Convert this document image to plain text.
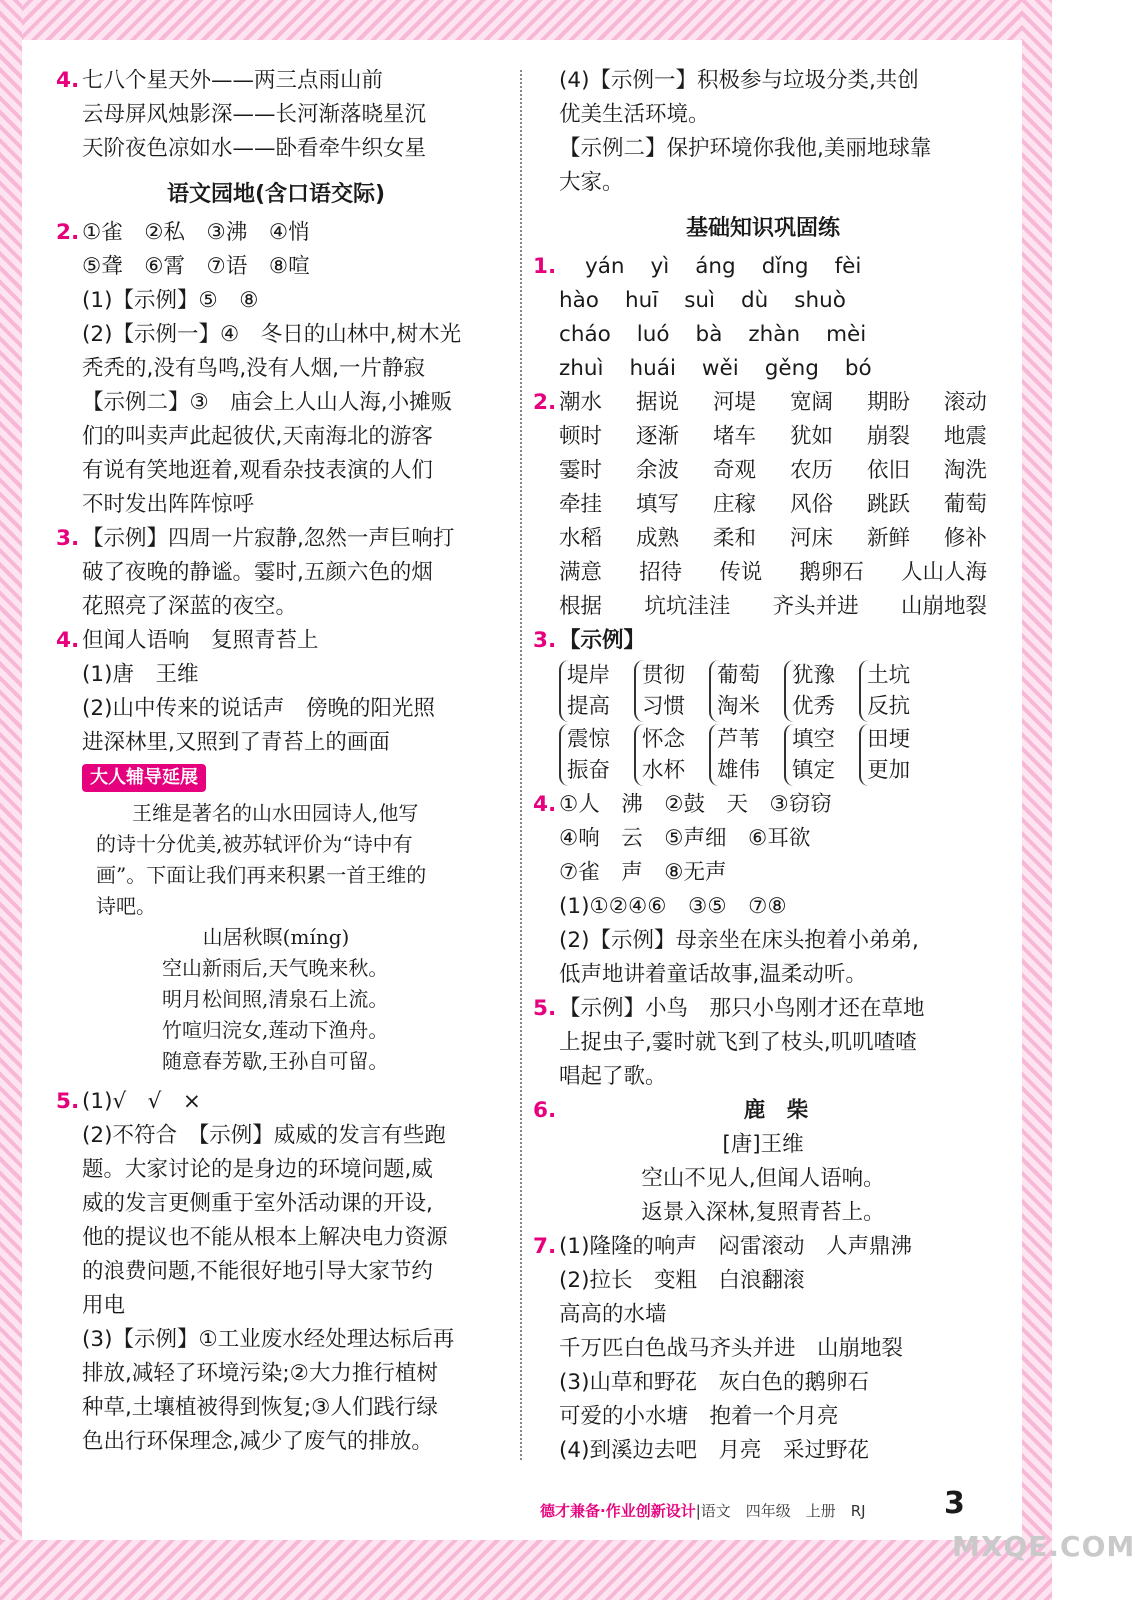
4. 七八个星天外——两三点雨山前
云母屏风烛影深——长河渐落晓星沉
天阶夜色凉如水——卧看牵牛织女星
语文园地(含口语交际)
2. ①雀　②私　③沸　④悄
⑤聋　⑥霄　⑦语　⑧喧
(1)【示例】⑤　⑧
(2)【示例一】④　冬日的山林中,树木光
秃秃的,没有鸟鸣,没有人烟,一片静寂
【示例二】③　庙会上人山人海,小摊贩
们的叫卖声此起彼伏,天南海北的游客
有说有笑地逛着,观看杂技表演的人们
不时发出阵阵惊呼
3. 【示例】四周一片寂静,忽然一声巨响打
破了夜晚的静谧。霎时,五颜六色的烟
花照亮了深蓝的夜空。
4. 但闻人语响　复照青苔上
(1)唐　王维
(2)山中传来的说话声　傍晚的阳光照
进深林里,又照到了青苔上的画面
大人辅导延展
王维是著名的山水田园诗人,他写
的诗十分优美,被苏轼评价为“诗中有
画”。下面让我们再来积累一首王维的
诗吧。
山居秋暝(míng)
空山新雨后,天气晚来秋。
明月松间照,清泉石上流。
竹喧归浣女,莲动下渔舟。
随意春芳歇,王孙自可留。
5. (1)√　√　×
(2)不符合　【示例】威威的发言有些跑
题。大家讨论的是身边的环境问题,威
威的发言更侧重于室外活动课的开设,
他的提议也不能从根本上解决电力资源
的浪费问题,不能很好地引导大家节约
用电
(3)【示例】①工业废水经处理达标后再
排放,减轻了环境污染;②大力推行植树
种草,土壤植被得到恢复;③人们践行绿
色出行环保理念,减少了废气的排放。
(4)【示例一】积极参与垃圾分类,共创
优美生活环境。
【示例二】保护环境你我他,美丽地球靠
大家。
基础知识巩固练
1. yán yì áng dǐng fèi
hào huī suì dù shuò
cháo luó bà zhàn mèi
zhuì huái wěi gěng bó
2. 潮水 据说 河堤 宽阔 期盼 滚动
顿时 逐渐 堵车 犹如 崩裂 地震
霎时 余波 奇观 农历 依旧 淘洗
牵挂 填写 庄稼 风俗 跳跃 葡萄
水稻 成熟 柔和 河床 新鲜 修补
满意 招待 传说 鹅卵石 人山人海
根据 坑坑洼洼 齐头并进 山崩地裂
3. 【示例】
堤岸
提高
贯彻
习惯
葡萄
淘米
犹豫
优秀
土坑
反抗
震惊
振奋
怀念
水杯
芦苇
雄伟
填空
镇定
田埂
更加
4. ①人　沸　②鼓　天　③窃窃
④响　云　⑤声细　⑥耳欲
⑦雀　声　⑧无声
(1)①②④⑥　③⑤　⑦⑧
(2)【示例】母亲坐在床头抱着小弟弟,
低声地讲着童话故事,温柔动听。
5. 【示例】小鸟　那只小鸟刚才还在草地
上捉虫子,霎时就飞到了枝头,叽叽喳喳
唱起了歌。
6.	鹿　柴
[唐]王维
空山不见人,但闻人语响。
返景入深林,复照青苔上。
7. (1)隆隆的响声　闷雷滚动　人声鼎沸
(2)拉长　变粗　白浪翻滚
高高的水墙
千万匹白色战马齐头并进　山崩地裂
(3)山草和野花　灰白色的鹅卵石
可爱的小水塘　抱着一个月亮
(4)到溪边去吧　月亮　采过野花
德才兼备·作业创新设计|语文　四年级　上册　RJ	3
MXQE.COM
